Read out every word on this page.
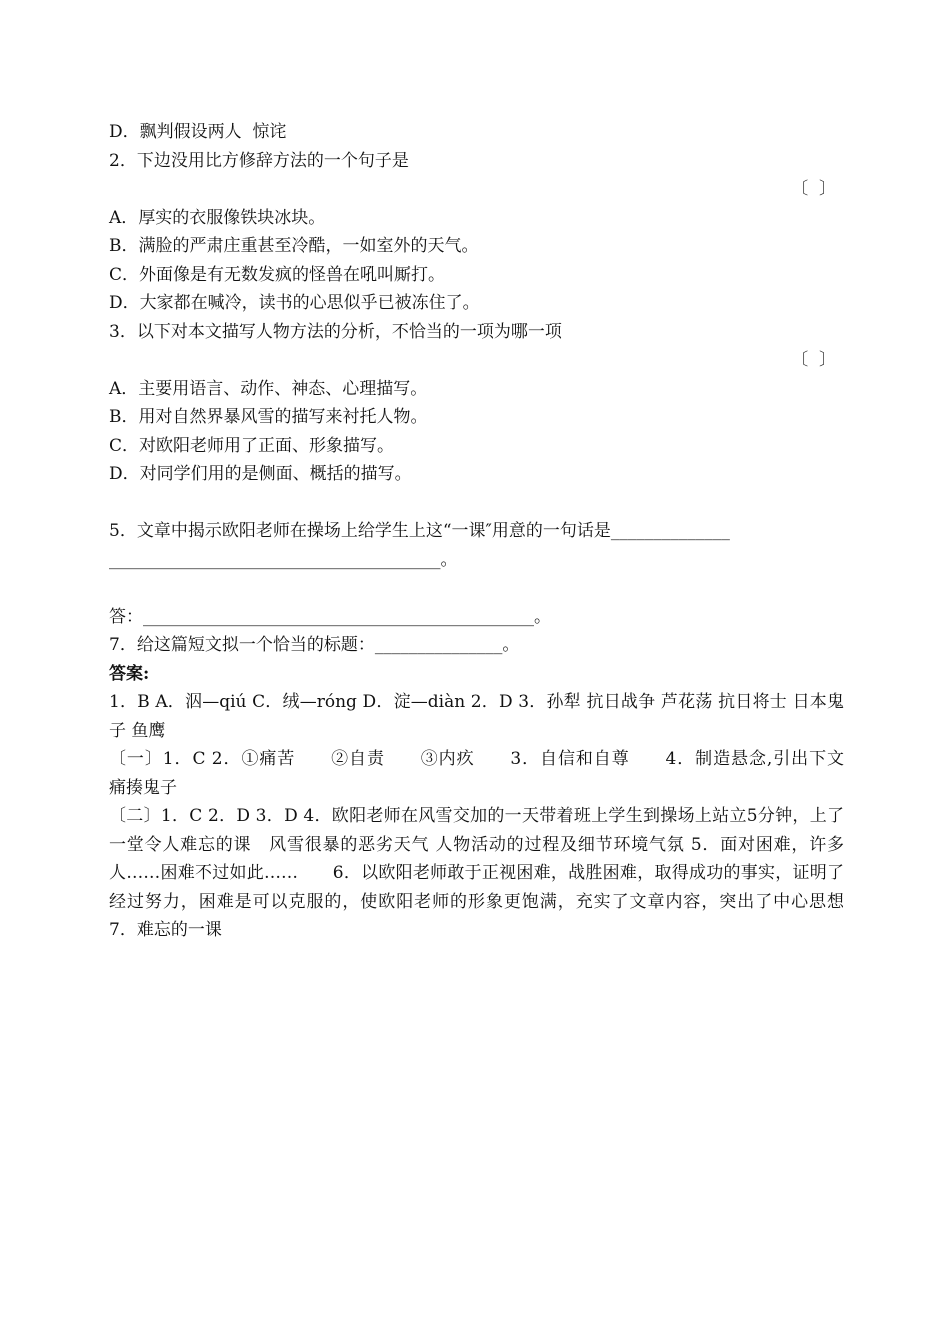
D．飘判假设两人  惊诧
2．下边没用比方修辞方法的一个句子是
〔  〕
A．厚实的衣服像铁块冰块。
B．满脸的严肃庄重甚至冷酷，一如室外的天气。
C．外面像是有无数发疯的怪兽在吼叫厮打。
D．大家都在喊冷，读书的心思似乎已被冻住了。
3．以下对本文描写人物方法的分析，不恰当的一项为哪一项
〔  〕
A．主要用语言、动作、神态、心理描写。
B．用对自然界暴风雪的描写来衬托人物。
C．对欧阳老师用了正面、形象描写。
D．对同学们用的是侧面、概括的描写。
5．文章中揭示欧阳老师在操场上给学生上这“一课″用意的一句话是______________
_______________________________________。
答：______________________________________________。
7．给这篇短文拟一个恰当的标题：_______________。
答案:
1．B A．泅—qiú C．绒—róng D．淀—diàn 2．D 3．孙犁 抗日战争 芦花荡 抗日将士 日本鬼子 鱼鹰
〔一〕1．C 2．①痛苦　　②自责　　③内疚　　3．自信和自尊　　4．制造悬念,引出下文　　痛揍鬼子
〔二〕1．C 2．D 3．D 4．欧阳老师在风雪交加的一天带着班上学生到操场上站立5分钟，上了一堂令人难忘的课　风雪很暴的恶劣天气 人物活动的过程及细节环境气氛 5．面对困难，许多人……困难不过如此……　　6．以欧阳老师敢于正视困难，战胜困难，取得成功的事实，证明了经过努力，困难是可以克服的，使欧阳老师的形象更饱满，充实了文章内容，突出了中心思想　　7．难忘的一课
